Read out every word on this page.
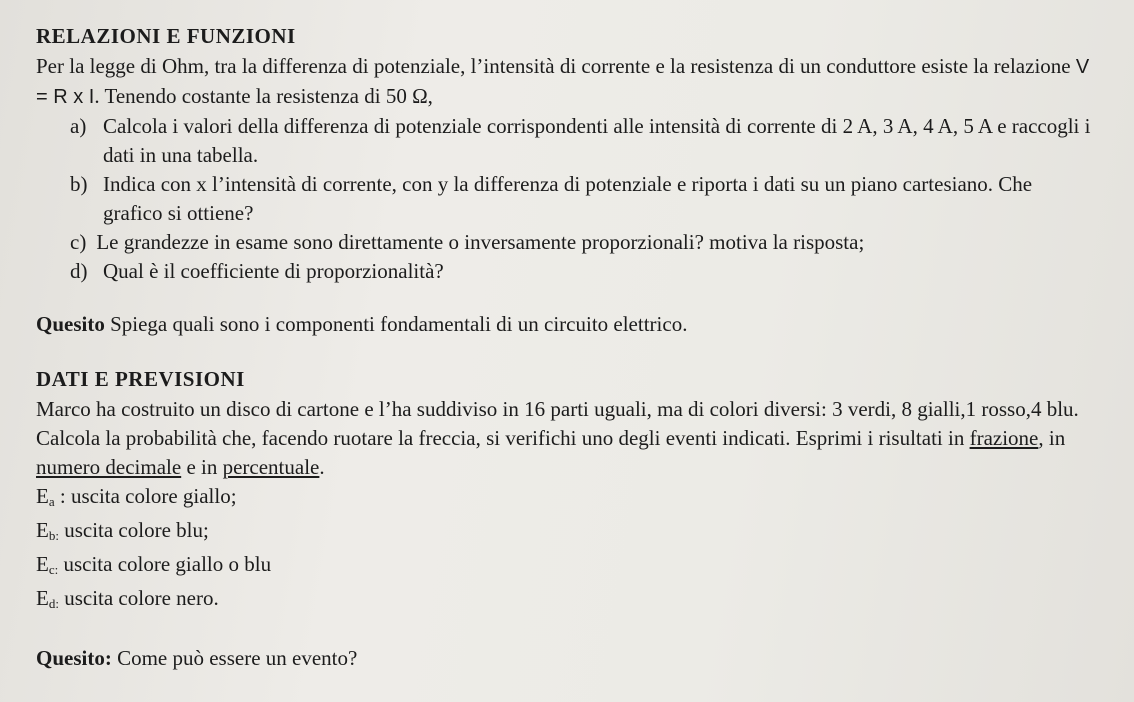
RELAZIONI E FUNZIONI
Per la legge di Ohm, tra la differenza di potenziale, l’intensità di corrente e la resistenza di un conduttore esiste la relazione V = R x I. Tenendo costante la resistenza di 50 Ω,
a) Calcola i valori della differenza di potenziale corrispondenti alle intensità di corrente di 2 A, 3 A, 4 A, 5 A e raccogli i dati in una tabella.
b) Indica con x l’intensità di corrente, con y la differenza di potenziale e riporta i dati su un piano cartesiano. Che grafico si ottiene?
c) Le grandezze in esame sono direttamente o inversamente proporzionali? motiva la risposta;
d) Qual è il coefficiente di proporzionalità?
Quesito Spiega quali sono i componenti fondamentali di un circuito elettrico.
DATI E PREVISIONI
Marco ha costruito un disco di cartone e l’ha suddiviso in 16 parti uguali, ma di colori diversi: 3 verdi, 8 gialli,1 rosso,4 blu. Calcola la probabilità che, facendo ruotare la freccia, si verifichi uno degli eventi indicati. Esprimi i risultati in frazione, in numero decimale e in percentuale.
$E_a$ : uscita colore giallo;
$E_{b:}$ uscita colore blu;
$E_{c:}$ uscita colore giallo o blu
$E_{d:}$ uscita colore nero.
Quesito: Come può essere un evento?
